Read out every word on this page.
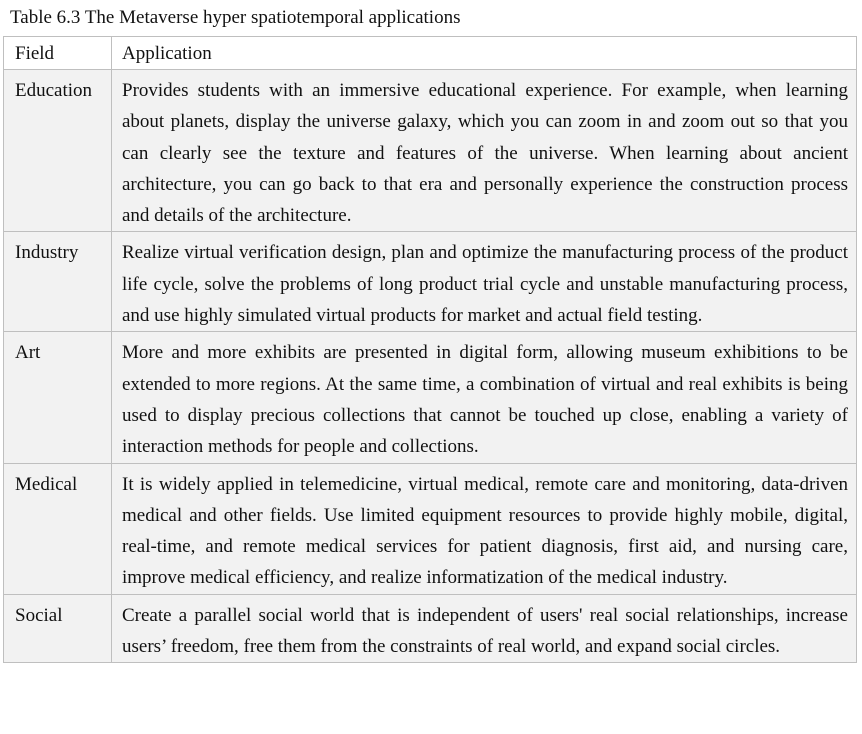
Table 6.3 The Metaverse hyper spatiotemporal applications
Field	Application
Education	Provides students with an immersive educational experience. For example, when learning about planets, display the universe galaxy, which you can zoom in and zoom out so that you can clearly see the texture and features of the universe. When learning about ancient architecture, you can go back to that era and personally experience the construction process and details of the architecture.
Industry	Realize virtual verification design, plan and optimize the manufacturing process of the product life cycle, solve the problems of long product trial cycle and unstable manufacturing process, and use highly simulated virtual products for market and actual field testing.
Art	More and more exhibits are presented in digital form, allowing museum exhibitions to be extended to more regions. At the same time, a combination of virtual and real exhibits is being used to display precious collections that cannot be touched up close, enabling a variety of interaction methods for people and collections.
Medical	It is widely applied in telemedicine, virtual medical, remote care and monitoring, data-driven medical and other fields. Use limited equipment resources to provide highly mobile, digital, real-time, and remote medical services for patient diagnosis, first aid, and nursing care, improve medical efficiency, and realize informatization of the medical industry.
Social	Create a parallel social world that is independent of users' real social relationships, increase users’ freedom, free them from the constraints of real world, and expand social circles.
